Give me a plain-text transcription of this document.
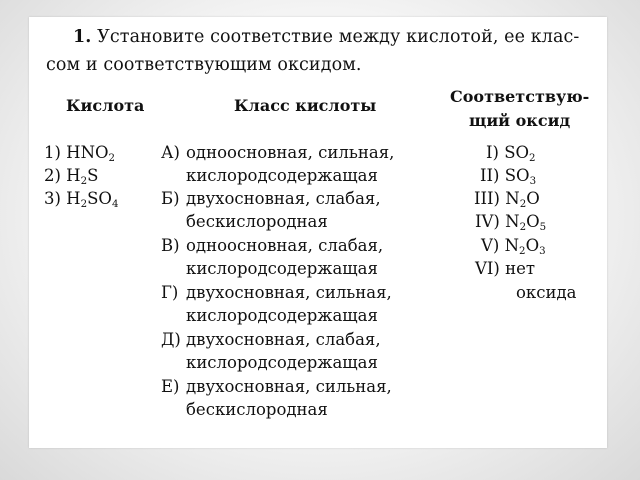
1. Установите соответствие между кислотой, ее клас-
сом и соответствующим оксидом.
Кислота	Класс кислоты	Соответствую-
щий оксид
1) $HNO_2$
2) $H_2S$
3) $H_2SO_4$
А) одноосновная, сильная,
кислородсодержащая
Б) двухосновная, слабая,
бескислородная
В) одноосновная, слабая,
кислородсодержащая
Г) двухосновная, сильная,
кислородсодержащая
Д) двухосновная, слабая,
кислородсодержащая
Е) двухосновная, сильная,
бескислородная
I) $SO_2$
II) $SO_3$
III) $N_2O$
IV) $N_2O_5$
V) $N_2O_3$
VI) нет
оксида
